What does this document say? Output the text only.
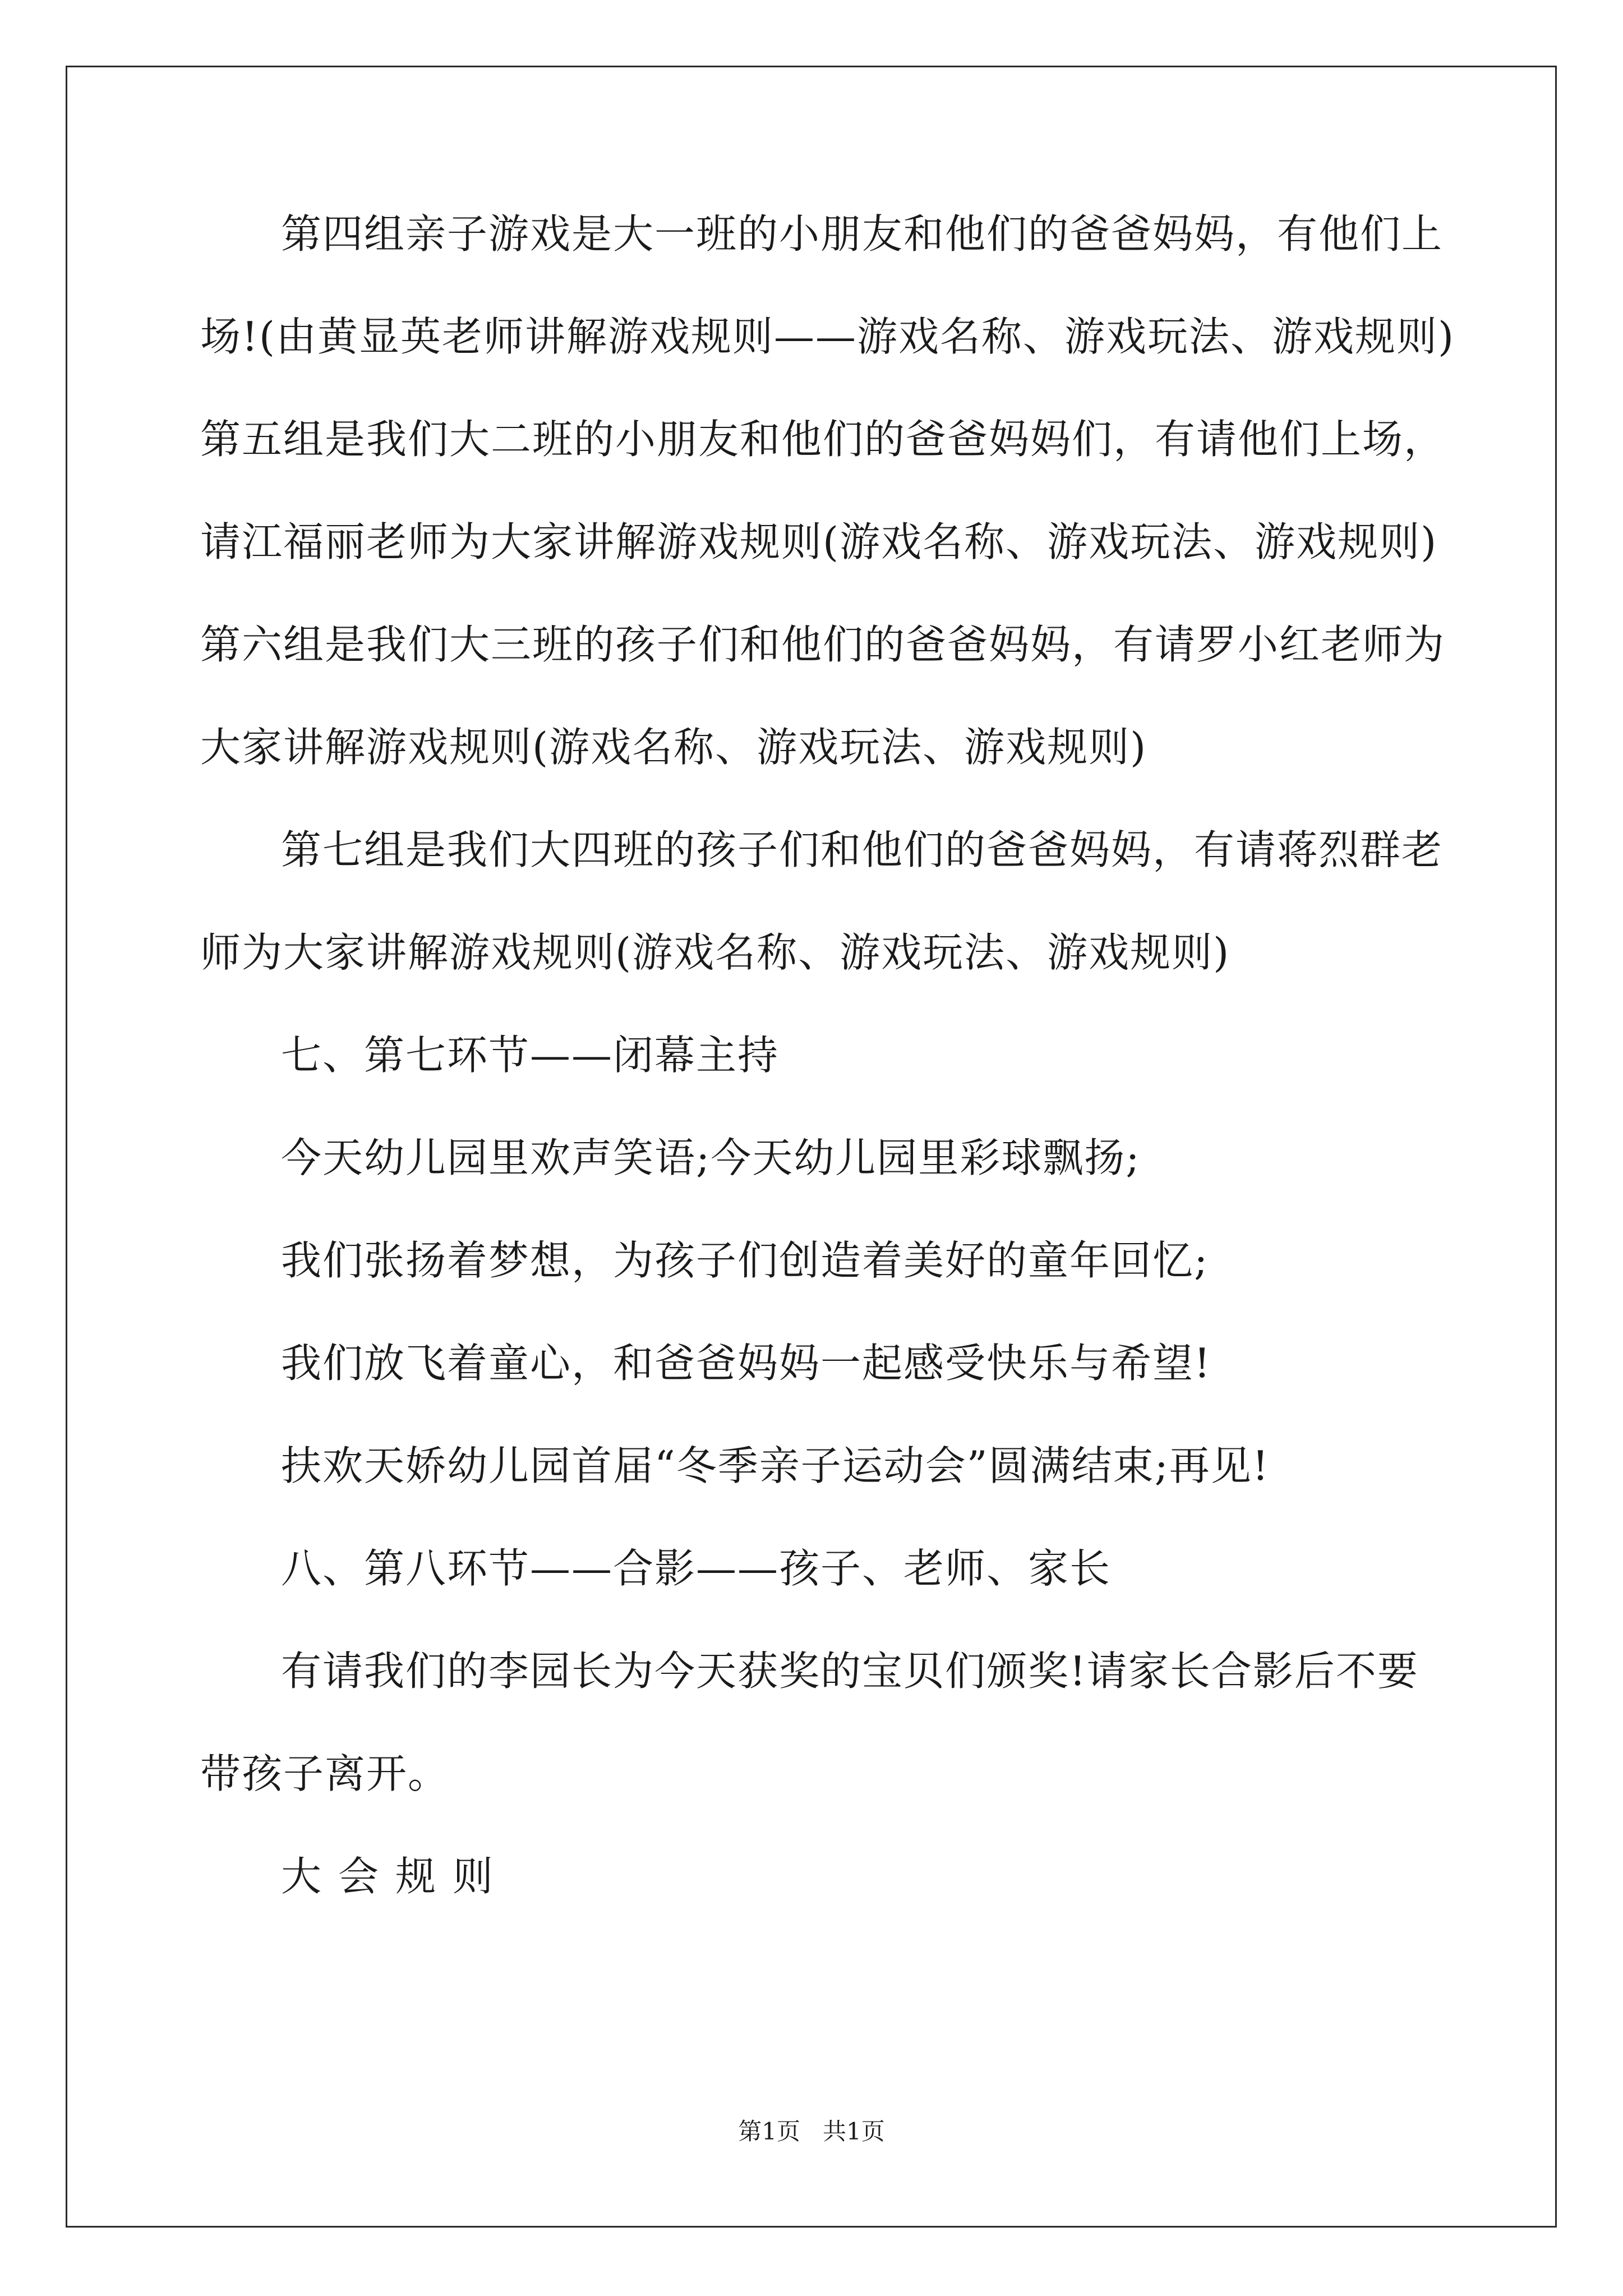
第四组亲子游戏是大一班的小朋友和他们的爸爸妈妈，有他们上

场!(由黄显英老师讲解游戏规则——游戏名称、游戏玩法、游戏规则)

第五组是我们大二班的小朋友和他们的爸爸妈妈们，有请他们上场，

请江福丽老师为大家讲解游戏规则(游戏名称、游戏玩法、游戏规则)

第六组是我们大三班的孩子们和他们的爸爸妈妈，有请罗小红老师为

大家讲解游戏规则(游戏名称、游戏玩法、游戏规则)

第七组是我们大四班的孩子们和他们的爸爸妈妈，有请蒋烈群老

师为大家讲解游戏规则(游戏名称、游戏玩法、游戏规则)

七、第七环节——闭幕主持

今天幼儿园里欢声笑语;今天幼儿园里彩球飘扬;

我们张扬着梦想，为孩子们创造着美好的童年回忆;

我们放飞着童心，和爸爸妈妈一起感受快乐与希望!

扶欢天娇幼儿园首届“冬季亲子运动会”圆满结束;再见!

八、第八环节——合影——孩子、老师、家长

有请我们的李园长为今天获奖的宝贝们颁奖!请家长合影后不要

带孩子离开。

大会规则

第1页   共1页
